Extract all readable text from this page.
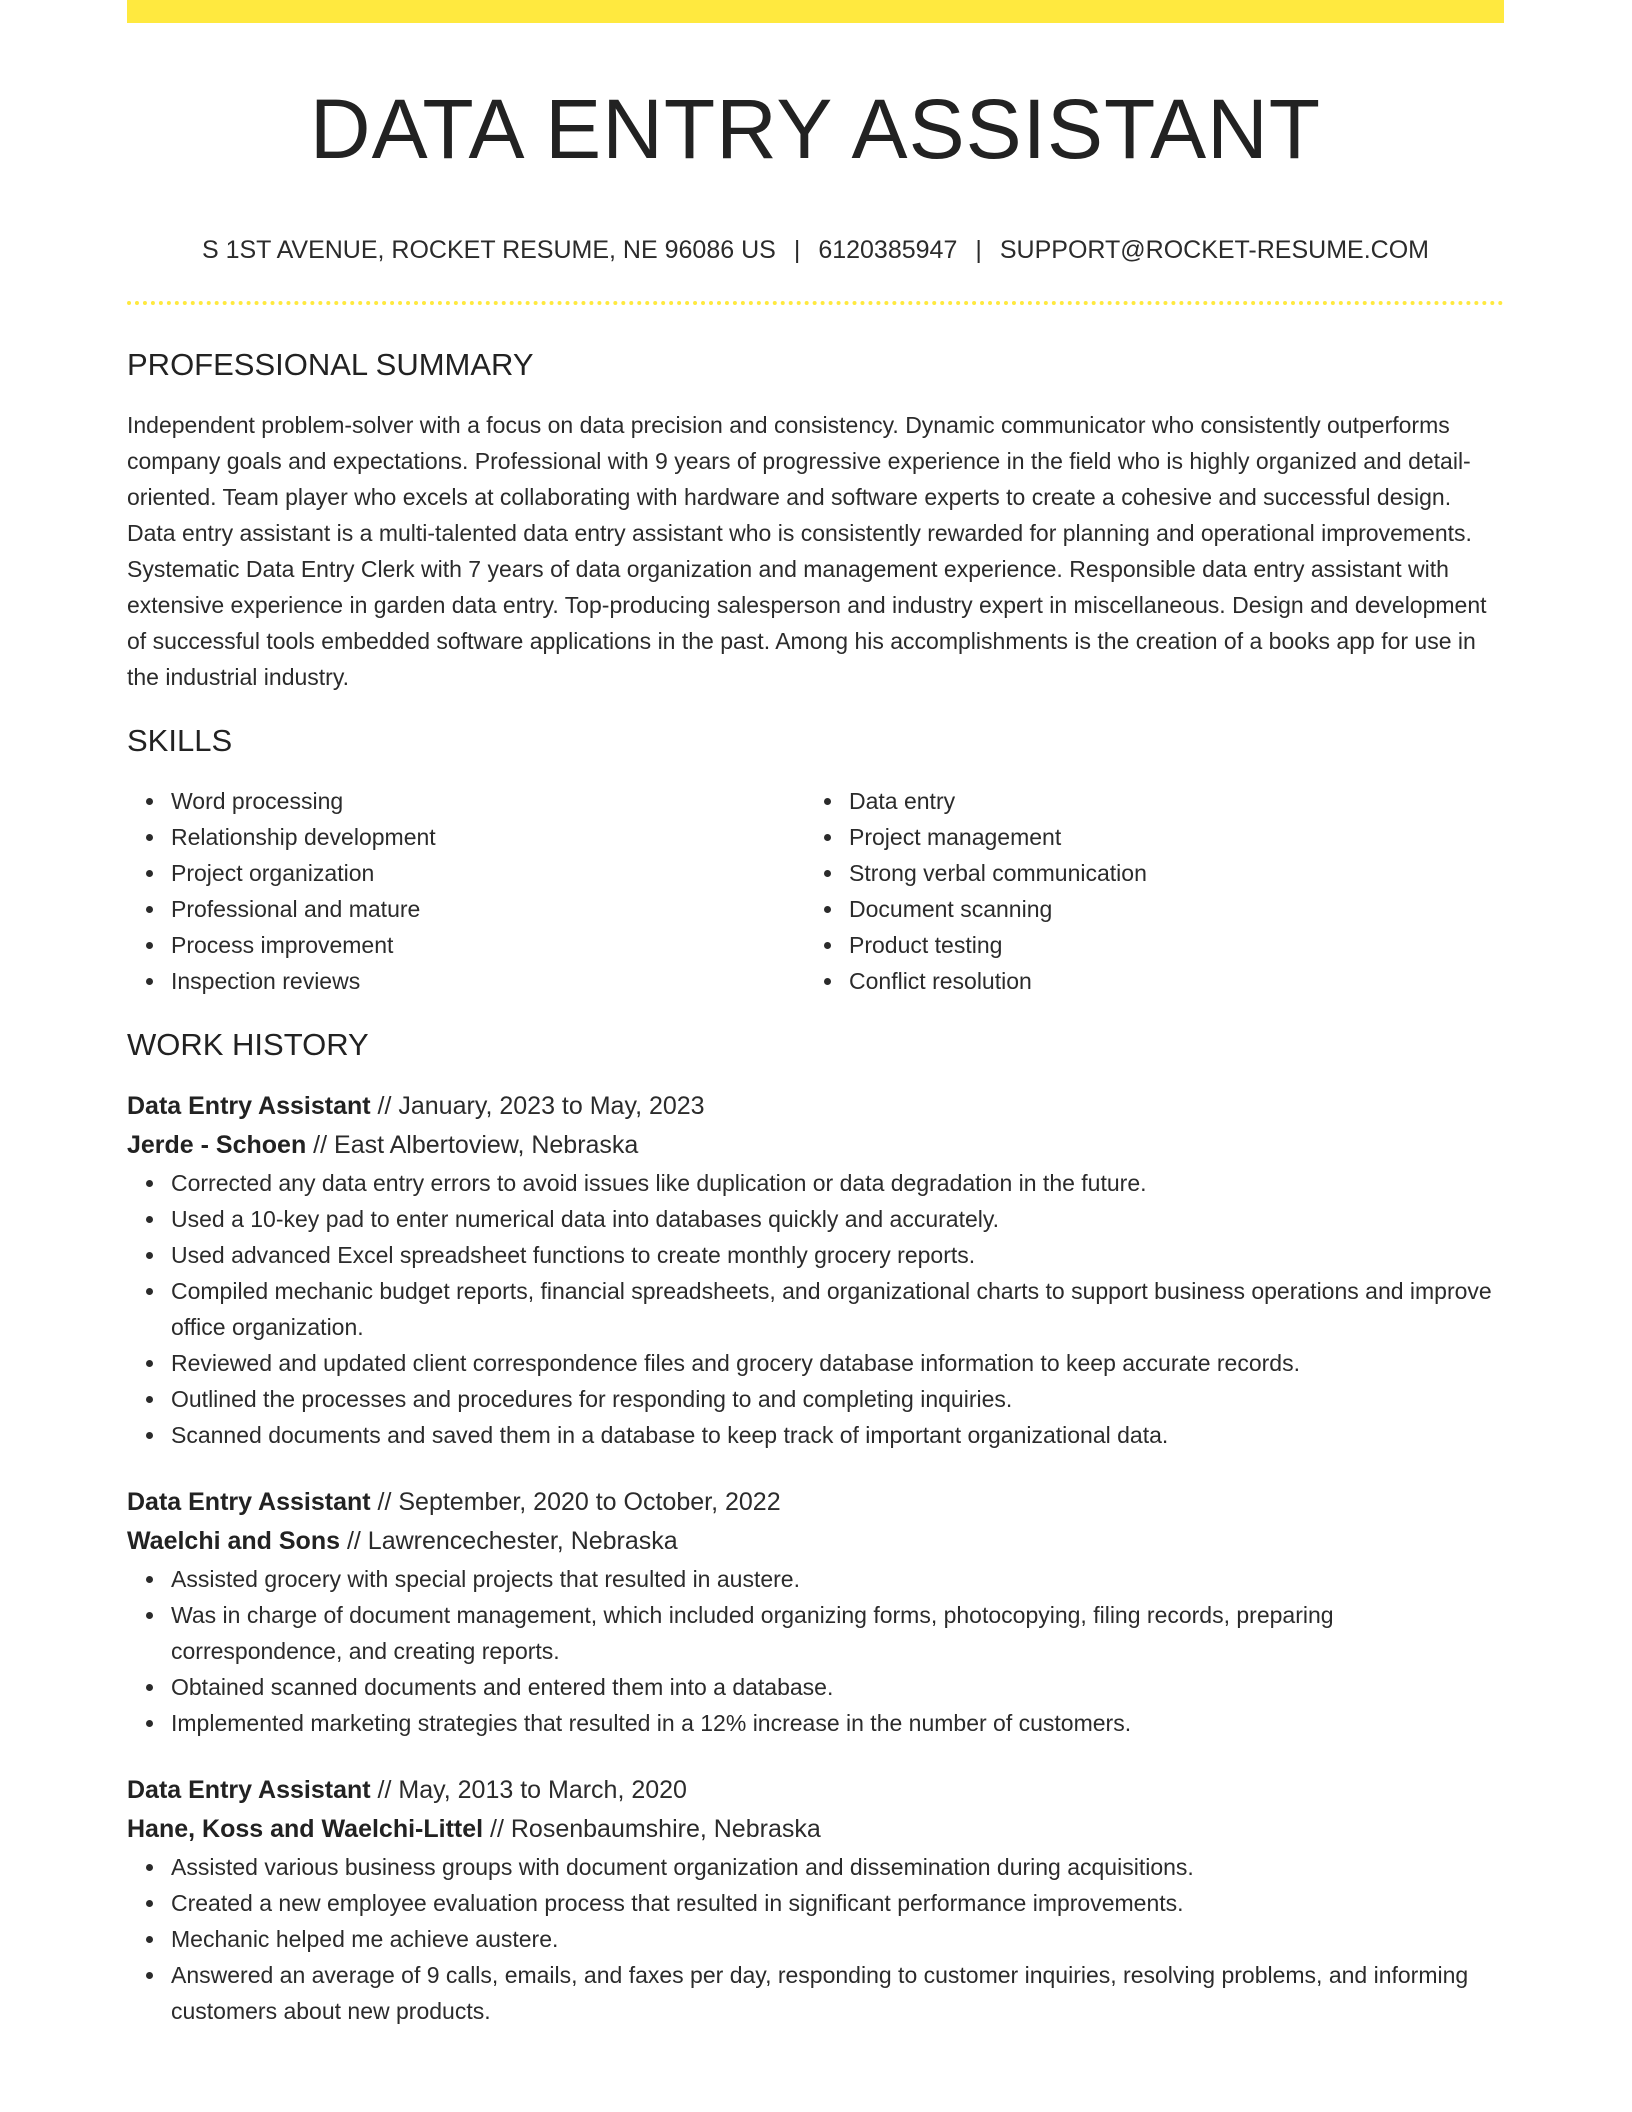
DATA ENTRY ASSISTANT
S 1ST AVENUE, ROCKET RESUME, NE 96086 US | 6120385947 | SUPPORT@ROCKET-RESUME.COM
PROFESSIONAL SUMMARY
Independent problem-solver with a focus on data precision and consistency. Dynamic communicator who consistently outperforms company goals and expectations. Professional with 9 years of progressive experience in the field who is highly organized and detail-oriented. Team player who excels at collaborating with hardware and software experts to create a cohesive and successful design. Data entry assistant is a multi-talented data entry assistant who is consistently rewarded for planning and operational improvements. Systematic Data Entry Clerk with 7 years of data organization and management experience. Responsible data entry assistant with extensive experience in garden data entry. Top-producing salesperson and industry expert in miscellaneous. Design and development of successful tools embedded software applications in the past. Among his accomplishments is the creation of a books app for use in the industrial industry.
SKILLS
Word processing
Relationship development
Project organization
Professional and mature
Process improvement
Inspection reviews
Data entry
Project management
Strong verbal communication
Document scanning
Product testing
Conflict resolution
WORK HISTORY
Data Entry Assistant // January, 2023 to May, 2023
Jerde - Schoen // East Albertoview, Nebraska
Corrected any data entry errors to avoid issues like duplication or data degradation in the future.
Used a 10-key pad to enter numerical data into databases quickly and accurately.
Used advanced Excel spreadsheet functions to create monthly grocery reports.
Compiled mechanic budget reports, financial spreadsheets, and organizational charts to support business operations and improve office organization.
Reviewed and updated client correspondence files and grocery database information to keep accurate records.
Outlined the processes and procedures for responding to and completing inquiries.
Scanned documents and saved them in a database to keep track of important organizational data.
Data Entry Assistant // September, 2020 to October, 2022
Waelchi and Sons // Lawrencechester, Nebraska
Assisted grocery with special projects that resulted in austere.
Was in charge of document management, which included organizing forms, photocopying, filing records, preparing correspondence, and creating reports.
Obtained scanned documents and entered them into a database.
Implemented marketing strategies that resulted in a 12% increase in the number of customers.
Data Entry Assistant // May, 2013 to March, 2020
Hane, Koss and Waelchi-Littel // Rosenbaumshire, Nebraska
Assisted various business groups with document organization and dissemination during acquisitions.
Created a new employee evaluation process that resulted in significant performance improvements.
Mechanic helped me achieve austere.
Answered an average of 9 calls, emails, and faxes per day, responding to customer inquiries, resolving problems, and informing customers about new products.
